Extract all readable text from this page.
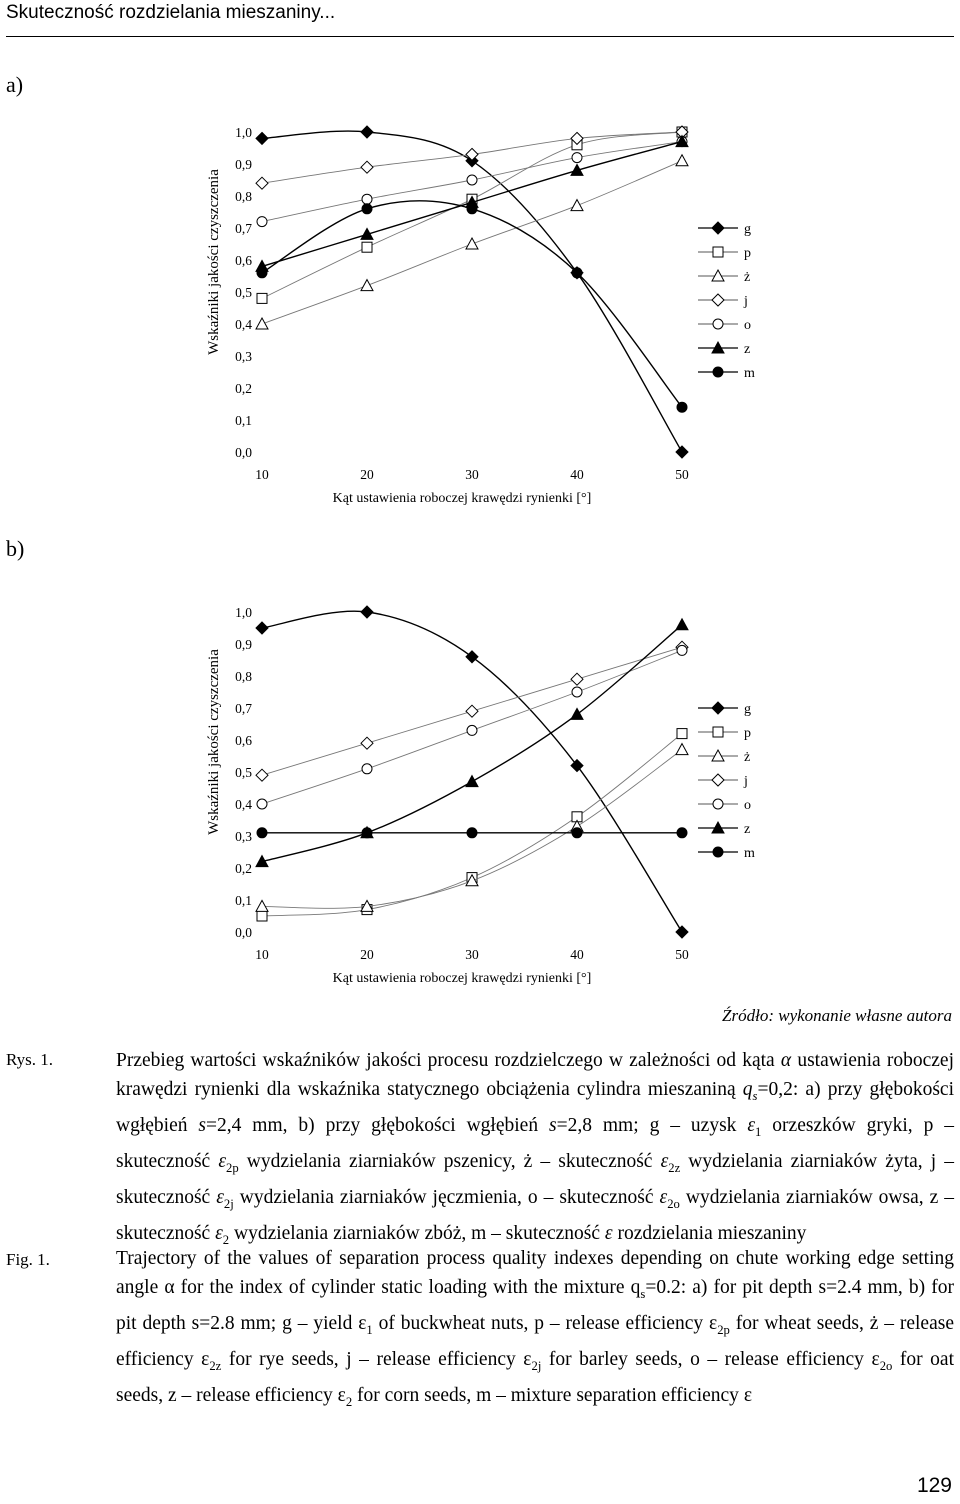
Skuteczność rozdzielania mieszaniny...
a)
1,0
0,9
0,8
0,7
0,6
0,5
0,4
0,3
0,2
0,1
0,0
10	20	30	40	50
Kąt ustawienia roboczej krawędzi rynienki [°]
Wskaźniki jakości czyszczenia	g
p
ż
j
o
z
m
b)
1,0
0,9
0,8
0,7
0,6
0,5
0,4
0,3
0,2
0,1
0,0
10	20	30	40	50
Kąt ustawienia roboczej krawędzi rynienki [°]
Wskaźniki jakości czyszczenia	g
p
ż
j
o
z
m
Źródło: wykonanie własne autora
Rys. 1.
Fig. 1.
Przebieg wartości wskaźników jakości procesu rozdzielczego w zależności od kąta α ustawienia roboczej krawędzi rynienki dla wskaźnika statycznego obciążenia cylindra mieszaniną $q_s=0,2$: a) przy głębokości wgłębień s=2,4 mm, b) przy głębokości wgłębień s=2,8 mm; g – uzysk $\varepsilon_1$ orzeszków gryki, p – skuteczność $\varepsilon_{2p}$ wydzielania ziarniaków pszenicy, ż – skuteczność $\varepsilon_{2z}$ wydzielania ziarniaków żyta, j – skuteczność $\varepsilon_{2j}$ wydzielania ziarniaków jęczmienia, o – skuteczność $\varepsilon_{2o}$ wydzielania ziarniaków owsa, z – skuteczność $\varepsilon_2$ wydzielania ziarniaków zbóż, m – skuteczność ε rozdzielania mieszaniny
Trajectory of the values of separation process quality indexes depending on chute working edge setting angle α for the index of cylinder static loading with the mixture $q_s=0.2$: a) for pit depth s=2.4 mm, b) for pit depth s=2.8 mm; g – yield $\varepsilon_1$ of buckwheat nuts, p – release efficiency $\varepsilon_{2p}$ for wheat seeds, ż – release efficiency $\varepsilon_{2z}$ for rye seeds, j – release efficiency $\varepsilon_{2j}$ for barley seeds, o – release efficiency $\varepsilon_{2o}$ for oat seeds, z – release efficiency $\varepsilon_2$ for corn seeds, m – mixture separation efficiency ε
129
